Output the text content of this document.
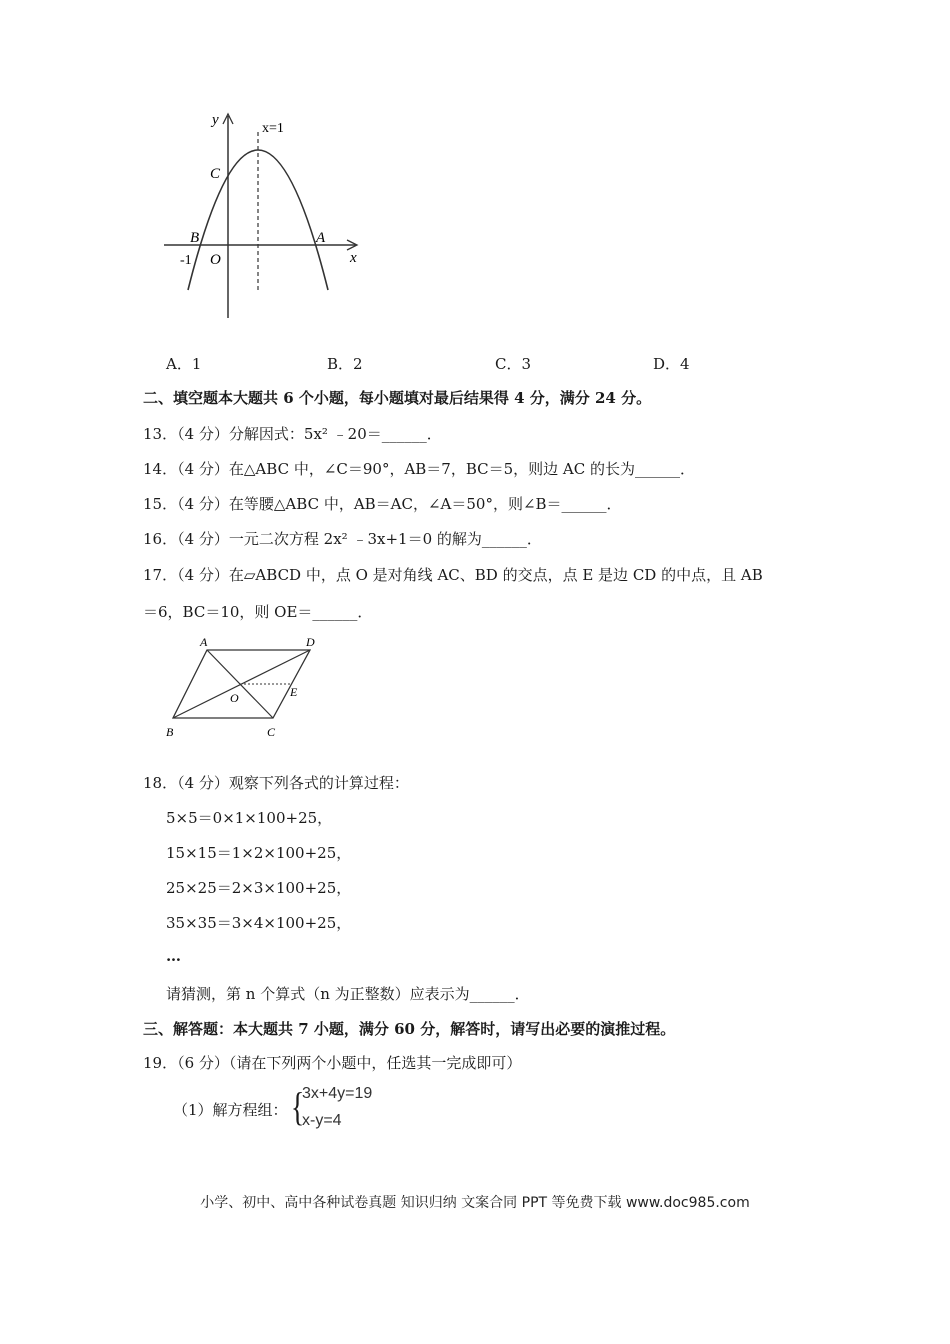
y
x
x=1
C
B	A
O
-1
A．1	B．2	C．3	D．4
二、填空题本大题共 6 个小题，每小题填对最后结果得 4 分，满分 24 分。
13．（4 分）分解因式：5x² ﹣20＝______．
14．（4 分）在△ABC 中，∠C＝90°，AB＝7，BC＝5，则边 AC 的长为______．
15．（4 分）在等腰△ABC 中，AB＝AC，∠A＝50°，则∠B＝______．
16．（4 分）一元二次方程 2x² ﹣3x+1＝0 的解为______．
17．（4 分）在▱ABCD 中，点 O 是对角线 AC、BD 的交点，点 E 是边 CD 的中点，且 AB
＝6，BC＝10，则 OE＝______．
A	D
O	E
B	C
18．（4 分）观察下列各式的计算过程：
5×5＝0×1×100+25，
15×15＝1×2×100+25，
25×25＝2×3×100+25，
35×35＝3×4×100+25，
…
请猜测，第 n 个算式（n 为正整数）应表示为______．
三、解答题：本大题共 7 小题，满分 60 分，解答时，请写出必要的演推过程。
19．（6 分）（请在下列两个小题中，任选其一完成即可）
（1）解方程组： {
3x+4y=19
x-y=4
小学、初中、高中各种试卷真题 知识归纳 文案合同 PPT 等免费下载 www.doc985.com
